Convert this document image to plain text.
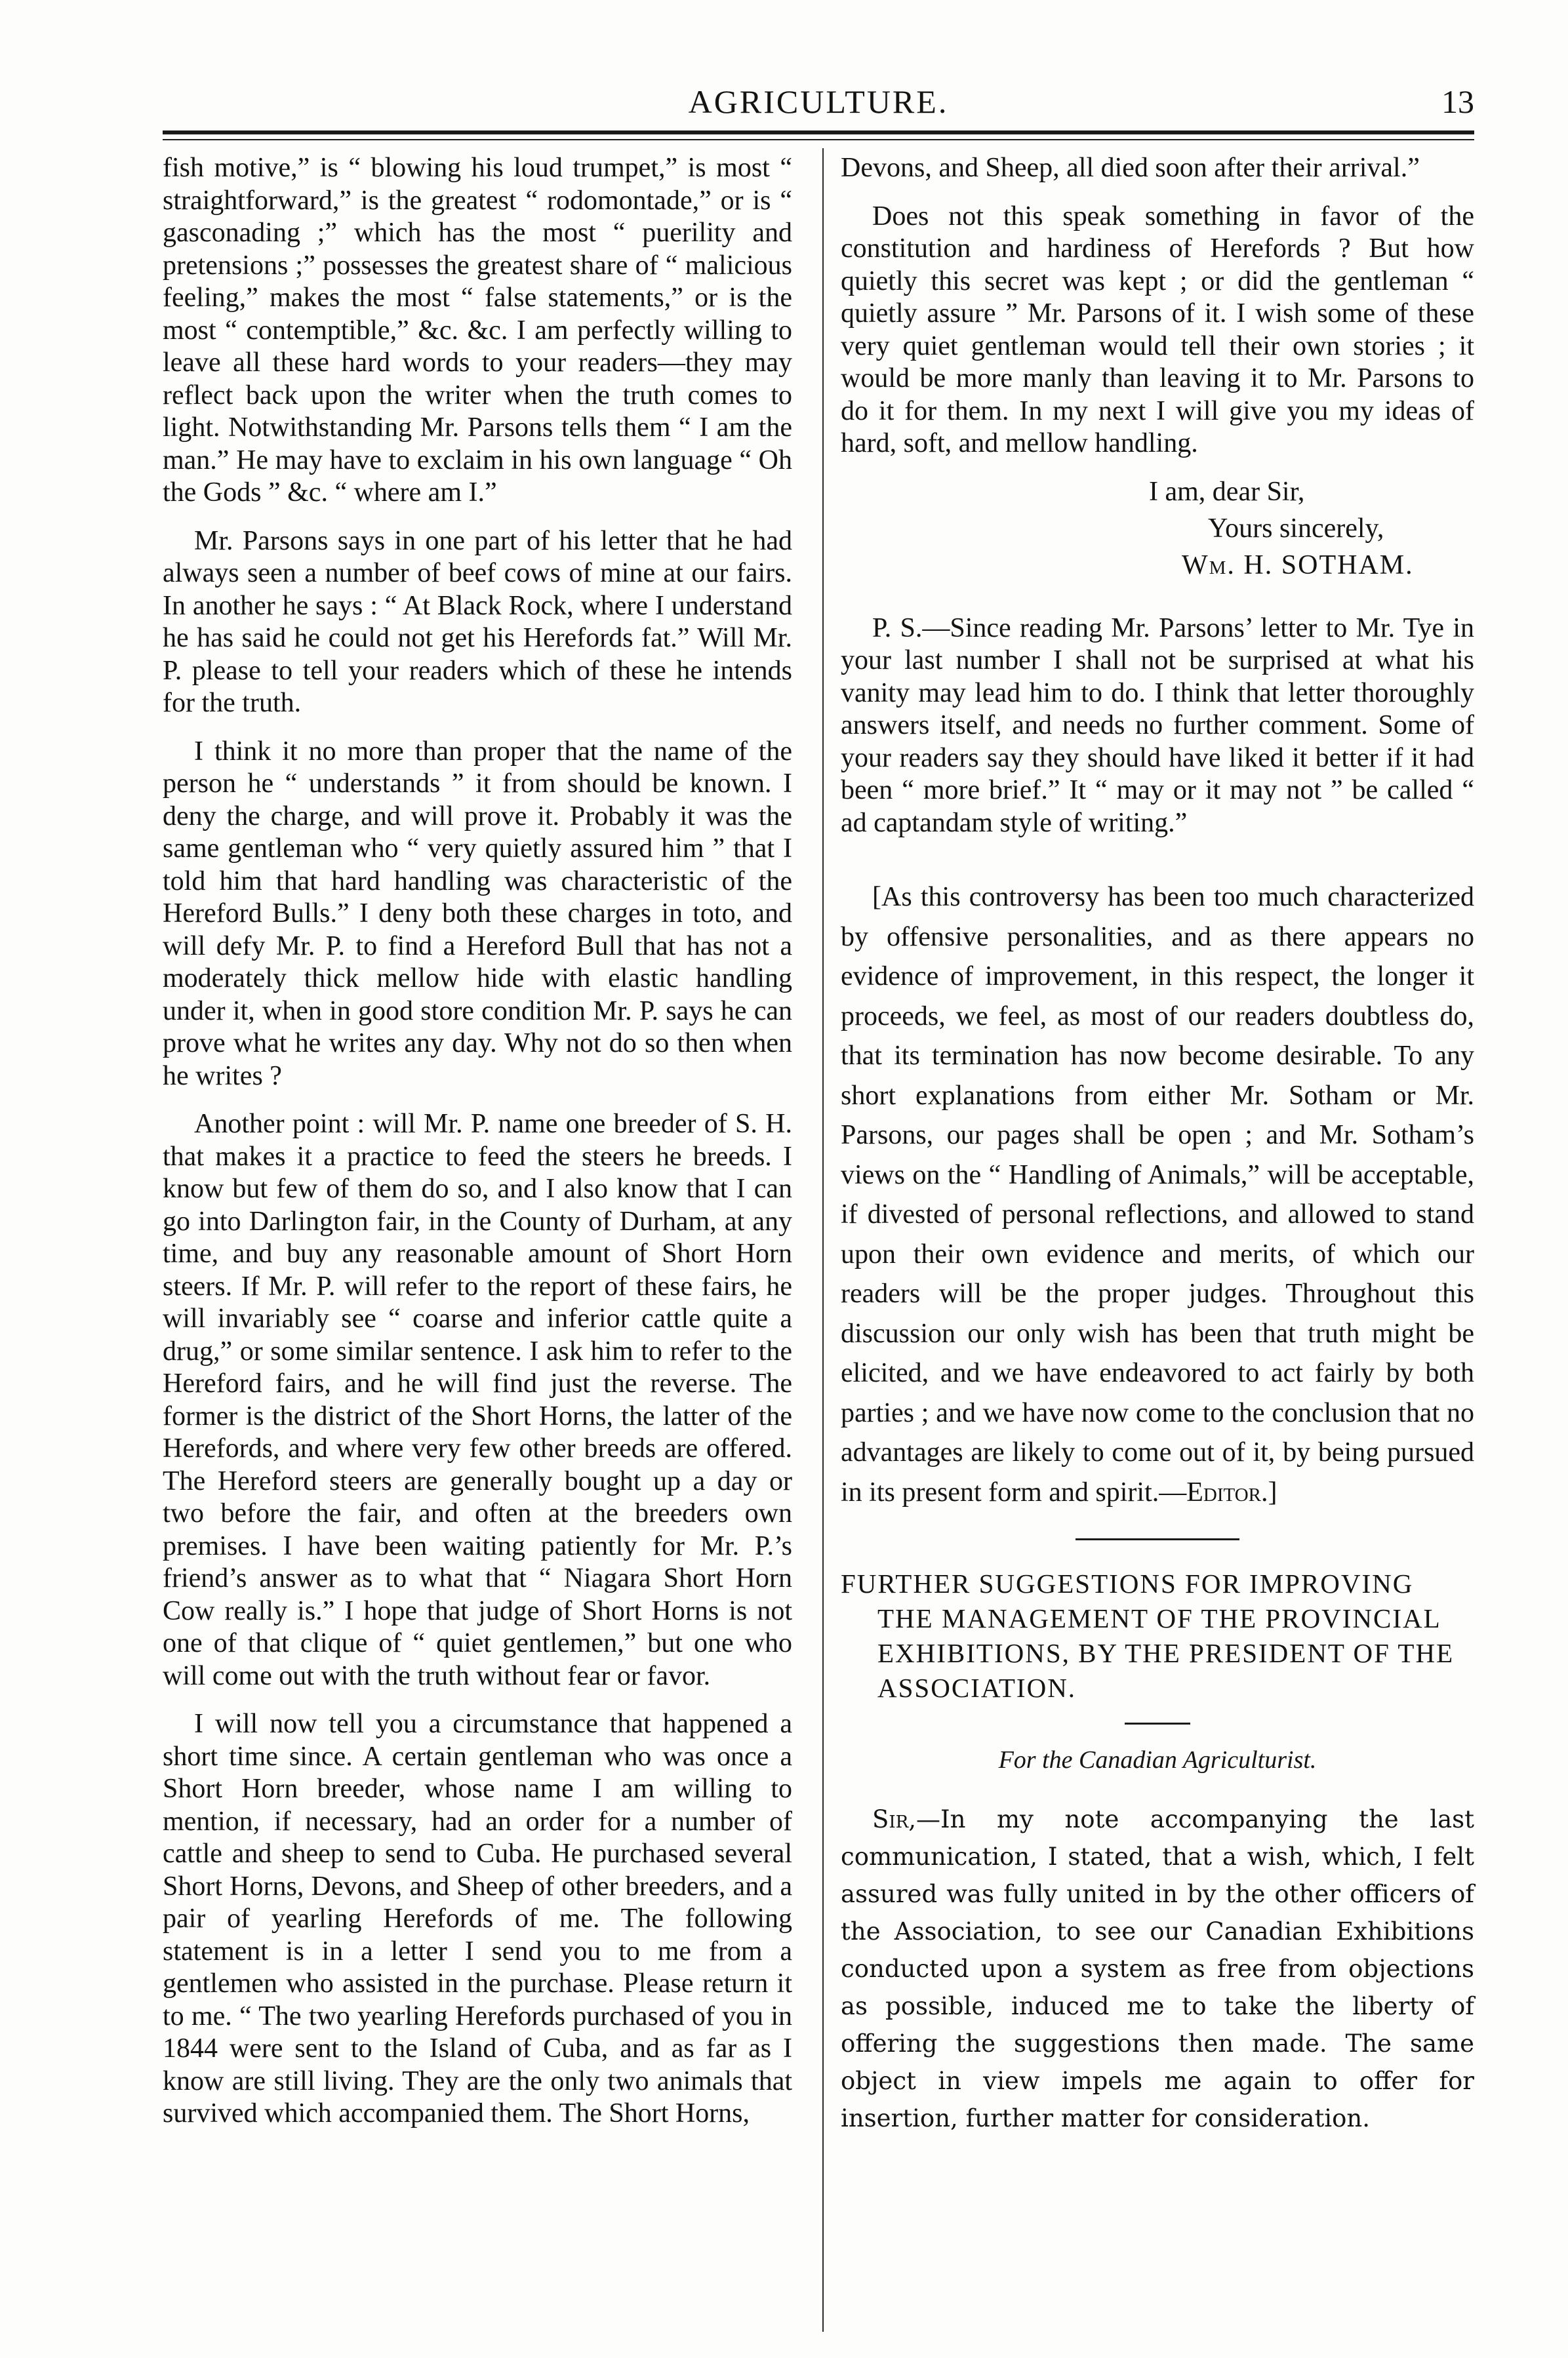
AGRICULTURE.	13

fish motive,” is “ blowing his loud trumpet,” is most “ straightforward,” is the greatest “ rodomontade,” or is “ gasconading ;” which has the most “ puerility and pretensions ;” possesses the greatest share of “ malicious feeling,” makes the most “ false statements,” or is the most “ contemptible,” &c. &c. I am perfectly willing to leave all these hard words to your readers—they may reflect back upon the writer when the truth comes to light. Notwithstanding Mr. Parsons tells them “ I am the man.” He may have to exclaim in his own language “ Oh the Gods ” &c. “ where am I.”

Mr. Parsons says in one part of his letter that he had always seen a number of beef cows of mine at our fairs. In another he says : “ At Black Rock, where I understand he has said he could not get his Herefords fat.” Will Mr. P. please to tell your readers which of these he intends for the truth.

I think it no more than proper that the name of the person he “ understands ” it from should be known. I deny the charge, and will prove it. Probably it was the same gentleman who “ very quietly assured him ” that I told him that hard handling was characteristic of the Hereford Bulls.” I deny both these charges in toto, and will defy Mr. P. to find a Hereford Bull that has not a moderately thick mellow hide with elastic handling under it, when in good store condition Mr. P. says he can prove what he writes any day. Why not do so then when he writes ?

Another point : will Mr. P. name one breeder of S. H. that makes it a practice to feed the steers he breeds. I know but few of them do so, and I also know that I can go into Darlington fair, in the County of Durham, at any time, and buy any reasonable amount of Short Horn steers. If Mr. P. will refer to the report of these fairs, he will invariably see “ coarse and inferior cattle quite a drug,” or some similar sentence. I ask him to refer to the Hereford fairs, and he will find just the reverse. The former is the district of the Short Horns, the latter of the Herefords, and where very few other breeds are offered. The Hereford steers are generally bought up a day or two before the fair, and often at the breeders own premises. I have been waiting patiently for Mr. P.’s friend’s answer as to what that “ Niagara Short Horn Cow really is.” I hope that judge of Short Horns is not one of that clique of “ quiet gentlemen,” but one who will come out with the truth without fear or favor.

I will now tell you a circumstance that happened a short time since. A certain gentleman who was once a Short Horn breeder, whose name I am willing to mention, if necessary, had an order for a number of cattle and sheep to send to Cuba. He purchased several Short Horns, Devons, and Sheep of other breeders, and a pair of yearling Herefords of me. The following statement is in a letter I send you to me from a gentlemen who assisted in the purchase. Please return it to me. “ The two yearling Herefords purchased of you in 1844 were sent to the Island of Cuba, and as far as I know are still living. They are the only two animals that survived which accompanied them. The Short Horns,

Devons, and Sheep, all died soon after their arrival.”

Does not this speak something in favor of the constitution and hardiness of Herefords ? But how quietly this secret was kept ; or did the gentleman “ quietly assure ” Mr. Parsons of it. I wish some of these very quiet gentleman would tell their own stories ; it would be more manly than leaving it to Mr. Parsons to do it for them. In my next I will give you my ideas of hard, soft, and mellow handling.

I am, dear Sir,
Yours sincerely,
Wm. H. SOTHAM.

P. S.—Since reading Mr. Parsons’ letter to Mr. Tye in your last number I shall not be surprised at what his vanity may lead him to do. I think that letter thoroughly answers itself, and needs no further comment. Some of your readers say they should have liked it better if it had been “ more brief.” It “ may or it may not ” be called “ ad captandam style of writing.”

[As this controversy has been too much characterized by offensive personalities, and as there appears no evidence of improvement, in this respect, the longer it proceeds, we feel, as most of our readers doubtless do, that its termination has now become desirable. To any short explanations from either Mr. Sotham or Mr. Parsons, our pages shall be open ; and Mr. Sotham’s views on the “ Handling of Animals,” will be acceptable, if divested of personal reflections, and allowed to stand upon their own evidence and merits, of which our readers will be the proper judges. Throughout this discussion our only wish has been that truth might be elicited, and we have endeavored to act fairly by both parties ; and we have now come to the conclusion that no advantages are likely to come out of it, by being pursued in its present form and spirit.—Editor.]

FURTHER SUGGESTIONS FOR IMPROVING THE MANAGEMENT OF THE PROVINCIAL EXHIBITIONS, BY THE PRESIDENT OF THE ASSOCIATION.

For the Canadian Agriculturist.

Sir,—In my note accompanying the last communication, I stated, that a wish, which, I felt assured was fully united in by the other officers of the Association, to see our Canadian Exhibitions conducted upon a system as free from objections as possible, induced me to take the liberty of offering the suggestions then made. The same object in view impels me again to offer for insertion, further matter for consideration.
